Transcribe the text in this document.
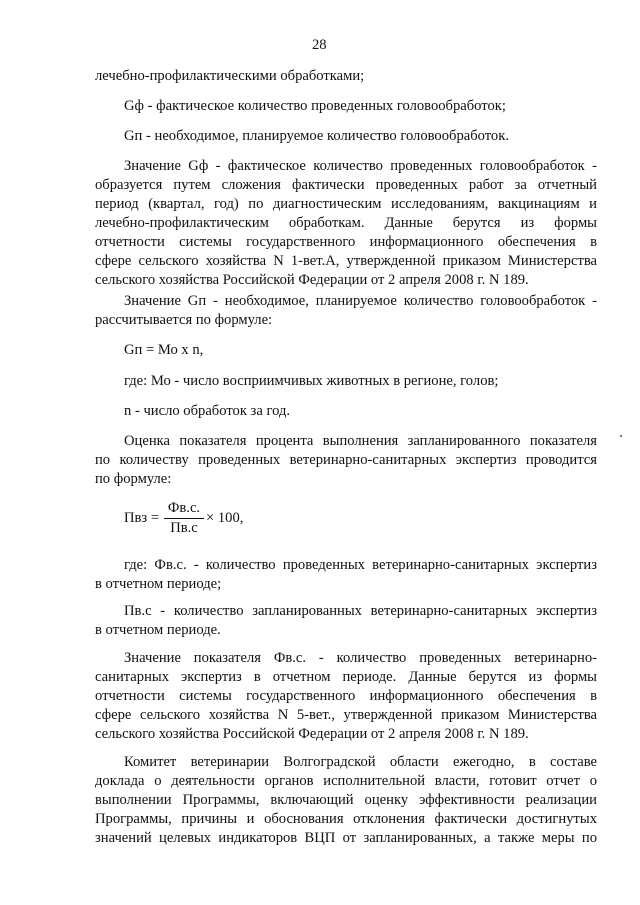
28
лечебно-профилактическими обработками;
Gф - фактическое количество проведенных головообработок;
Gп - необходимое, планируемое количество головообработок.
Значение Gф - фактическое количество проведенных головообработок -
образуется путем сложения фактически проведенных работ за отчетный
период (квартал, год) по диагностическим исследованиям, вакцинациям и
лечебно-профилактическим обработкам. Данные берутся из формы
отчетности системы государственного информационного обеспечения в
сфере сельского хозяйства N 1-вет.А, утвержденной приказом Министерства
сельского хозяйства Российской Федерации от 2 апреля 2008 г. N 189.
Значение Gп - необходимое, планируемое количество головообработок -
рассчитывается по формуле:
Gп = Мо x n,
где: Мо - число восприимчивых животных в регионе, голов;
n - число обработок за год.
Оценка показателя процента выполнения запланированного показателя
по количеству проведенных ветеринарно-санитарных экспертиз проводится
по формуле:
Пвз =
Фв.с.
Пв.с
× 100,
где: Фв.с. - количество проведенных ветеринарно-санитарных экспертиз
в отчетном периоде;
Пв.с - количество запланированных ветеринарно-санитарных экспертиз
в отчетном периоде.
Значение показателя Фв.с. - количество проведенных ветеринарно-
санитарных экспертиз в отчетном периоде. Данные берутся из формы
отчетности системы государственного информационного обеспечения в
сфере сельского хозяйства N 5-вет., утвержденной приказом Министерства
сельского хозяйства Российской Федерации от 2 апреля 2008 г. N 189.
Комитет ветеринарии Волгоградской области ежегодно, в составе
доклада о деятельности органов исполнительной власти, готовит отчет о
выполнении Программы, включающий оценку эффективности реализации
Программы, причины и обоснования отклонения фактически достигнутых
значений целевых индикаторов ВЦП от запланированных, а также меры по
